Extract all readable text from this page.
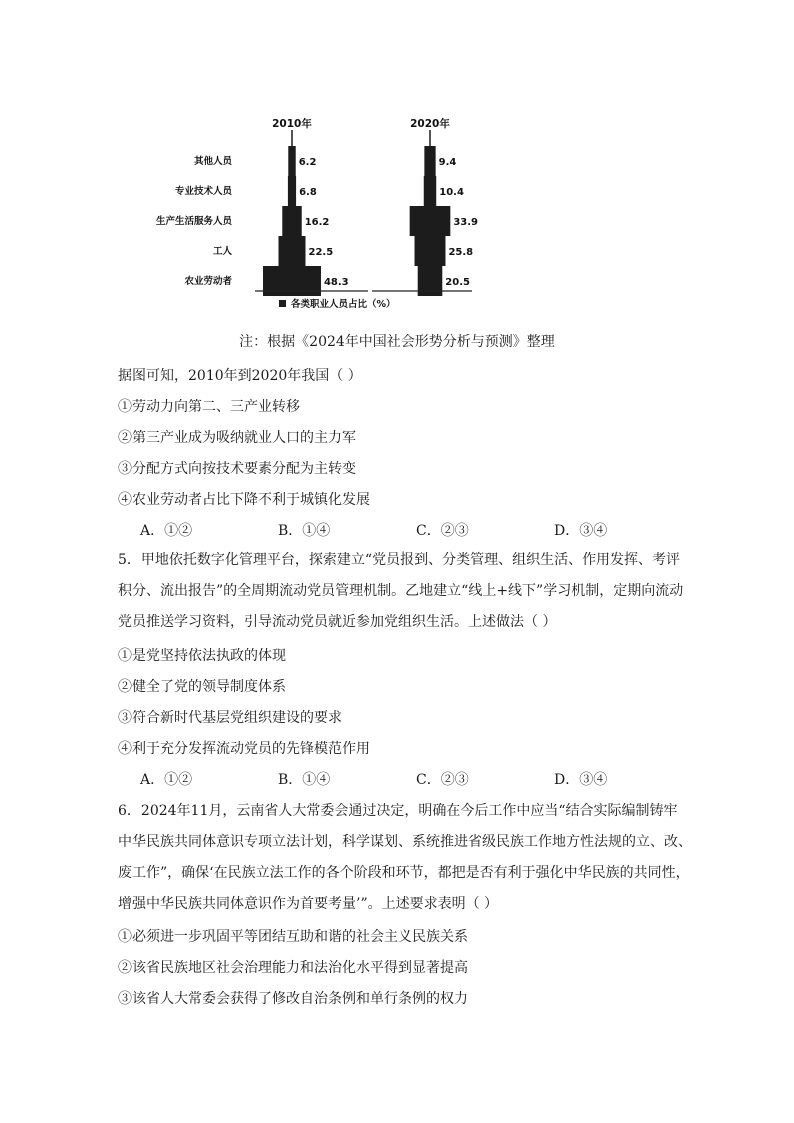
2010年	2020年
其他人员
专业技术人员
生产生活服务人员
工人
农业劳动者
6.2
6.8
16.2
22.5
48.3
9.4
10.4
33.9
25.8
20.5
各类职业人员占比（%）
注：根据《2024年中国社会形势分析与预测》整理
据图可知，2010年到2020年我国（ ）
①劳动力向第二、三产业转移
②第三产业成为吸纳就业人口的主力军
③分配方式向按技术要素分配为主转变
④农业劳动者占比下降不利于城镇化发展
A．①②	B．①④	C．②③	D．③④
5．甲地依托数字化管理平台，探索建立“党员报到、分类管理、组织生活、作用发挥、考评
积分、流出报告”的全周期流动党员管理机制。乙地建立“线上+线下”学习机制，定期向流动
党员推送学习资料，引导流动党员就近参加党组织生活。上述做法（ ）
①是党坚持依法执政的体现
②健全了党的领导制度体系
③符合新时代基层党组织建设的要求
④利于充分发挥流动党员的先锋模范作用
A．①②	B．①④	C．②③	D．③④
6．2024年11月，云南省人大常委会通过决定，明确在今后工作中应当“结合实际编制铸牢
中华民族共同体意识专项立法计划，科学谋划、系统推进省级民族工作地方性法规的立、改、
废工作”，确保‘在民族立法工作的各个阶段和环节，都把是否有利于强化中华民族的共同性，
增强中华民族共同体意识作为首要考量’”。上述要求表明（ ）
①必须进一步巩固平等团结互助和谐的社会主义民族关系
②该省民族地区社会治理能力和法治化水平得到显著提高
③该省人大常委会获得了修改自治条例和单行条例的权力
